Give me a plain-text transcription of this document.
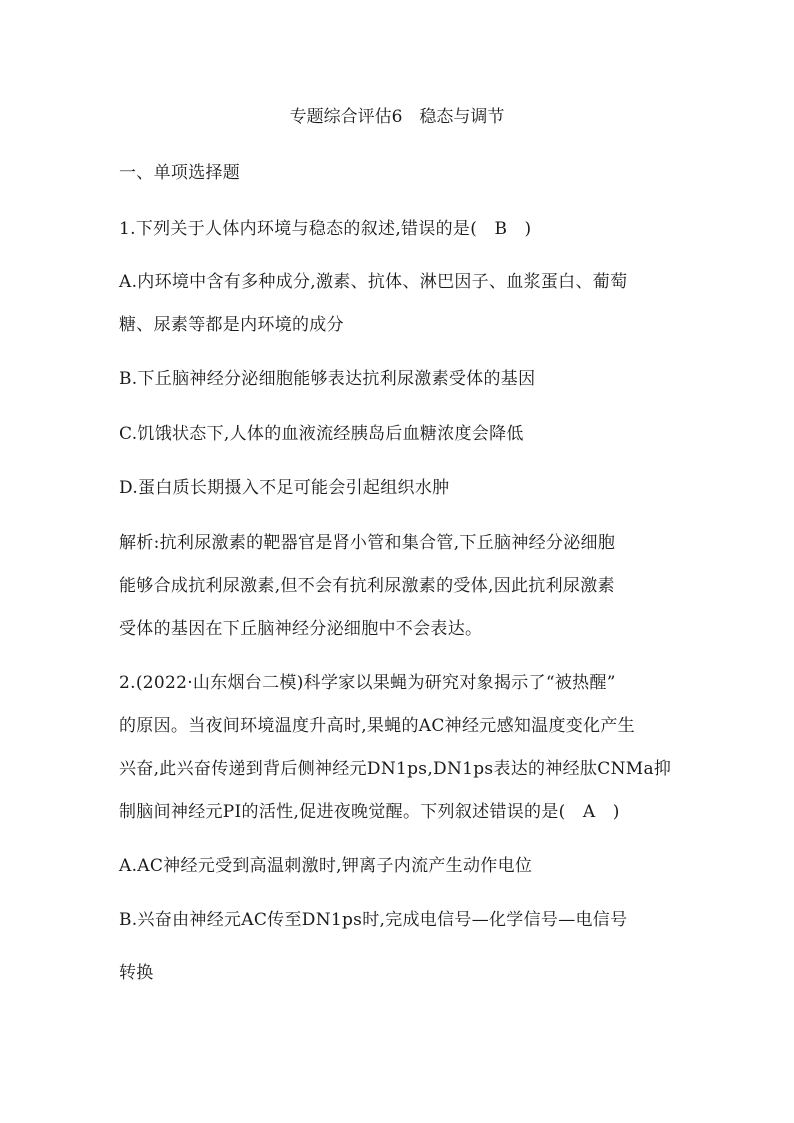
专题综合评估6　稳态与调节
一、单项选择题
1.下列关于人体内环境与稳态的叙述,错误的是(　B　)
A.内环境中含有多种成分,激素、抗体、淋巴因子、血浆蛋白、葡萄
糖、尿素等都是内环境的成分
B.下丘脑神经分泌细胞能够表达抗利尿激素受体的基因
C.饥饿状态下,人体的血液流经胰岛后血糖浓度会降低
D.蛋白质长期摄入不足可能会引起组织水肿
解析:抗利尿激素的靶器官是肾小管和集合管,下丘脑神经分泌细胞
能够合成抗利尿激素,但不会有抗利尿激素的受体,因此抗利尿激素
受体的基因在下丘脑神经分泌细胞中不会表达。
2.(2022·山东烟台二模)科学家以果蝇为研究对象揭示了“被热醒”
的原因。当夜间环境温度升高时,果蝇的AC神经元感知温度变化产生
兴奋,此兴奋传递到背后侧神经元DN1ps,DN1ps表达的神经肽CNMa抑
制脑间神经元PI的活性,促进夜晚觉醒。下列叙述错误的是(　A　)
A.AC神经元受到高温刺激时,钾离子内流产生动作电位
B.兴奋由神经元AC传至DN1ps时,完成电信号—化学信号—电信号
转换
